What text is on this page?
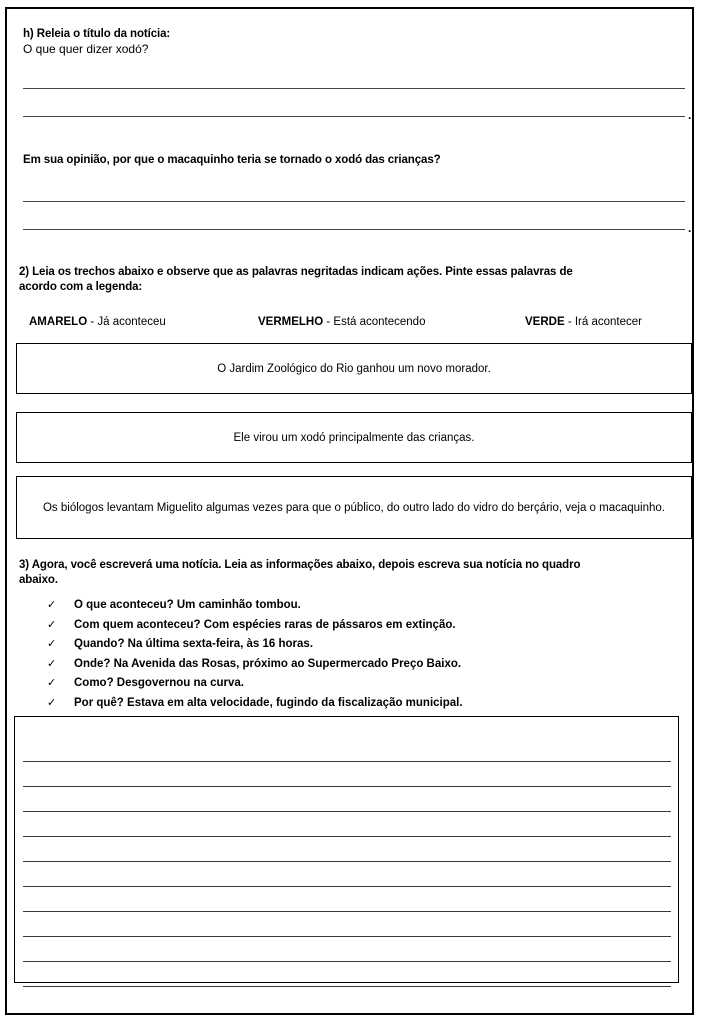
h) Releia o título da notícia:
O que quer dizer xodó?
.
Em sua opinião, por que o macaquinho teria se tornado o xodó das crianças?
.
2) Leia os trechos abaixo e observe que as palavras negritadas indicam ações. Pinte essas palavras de
acordo com a legenda:
AMARELO - Já aconteceu	VERMELHO - Está acontecendo	VERDE - Irá acontecer
O Jardim Zoológico do Rio ganhou um novo morador.
Ele virou um xodó principalmente das crianças.
Os biólogos levantam Miguelito algumas vezes para que o público, do outro lado do vidro do berçário, veja o macaquinho.
3) Agora, você escreverá uma notícia. Leia as informações abaixo, depois escreva sua notícia no quadro
abaixo.
✓	O que aconteceu? Um caminhão tombou.
✓	Com quem aconteceu? Com espécies raras de pássaros em extinção.
✓	Quando? Na última sexta-feira, às 16 horas.
✓	Onde? Na Avenida das Rosas, próximo ao Supermercado Preço Baixo.
✓	Como? Desgovernou na curva.
✓	Por quê? Estava em alta velocidade, fugindo da fiscalização municipal.
